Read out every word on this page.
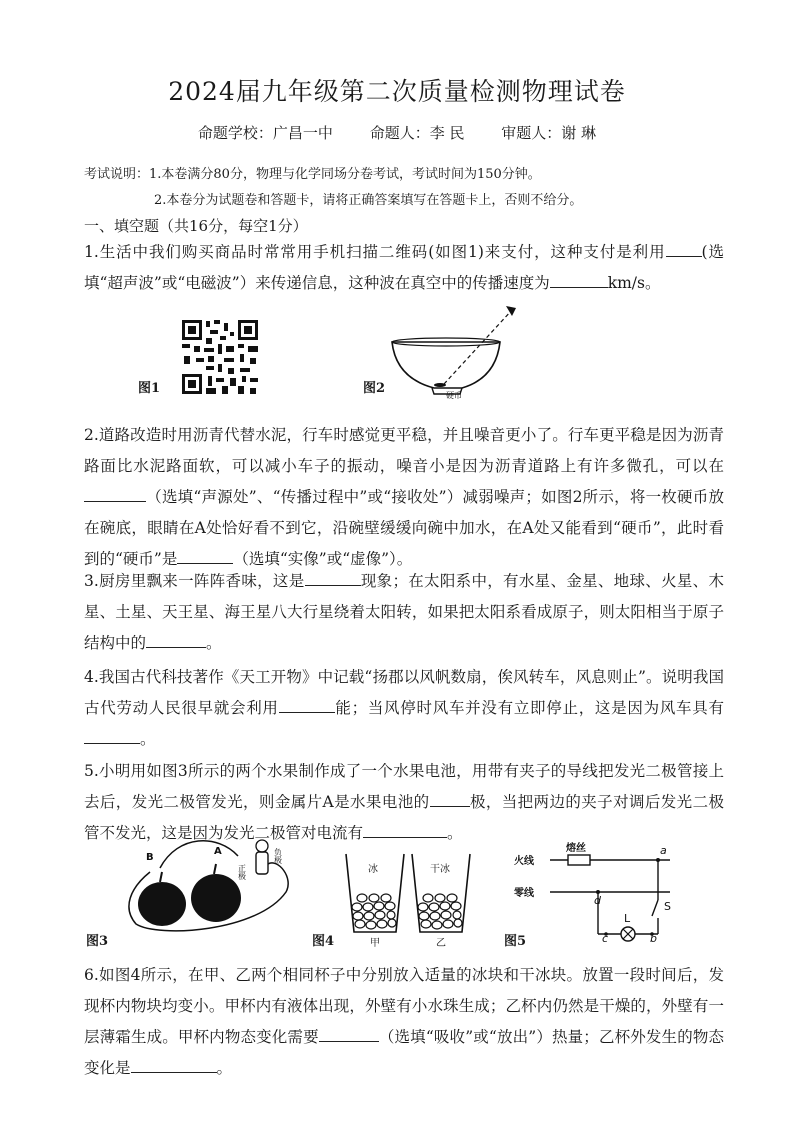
2024届九年级第二次质量检测物理试卷
命题学校：广昌一中 命题人：李 民 审题人：谢 琳
考试说明：1.本卷满分80分，物理与化学同场分卷考试，考试时间为150分钟。
2.本卷分为试题卷和答题卡，请将正确答案填写在答题卡上，否则不给分。
一、填空题（共16分，每空1分）
1.生活中我们购买商品时常常用手机扫描二维码(如图1)来支付，这种支付是利用 (选填“超声波”或“电磁波”）来传递信息，这种波在真空中的传播速度为	km/s。
图1	图2	硬币
2.道路改造时用沥青代替水泥，行车时感觉更平稳，并且噪音更小了。行车更平稳是因为沥青路面比水泥路面软，可以减小车子的振动，噪音小是因为沥青道路上有许多微孔，可以在（选填“声源处”、“传播过程中”或“接收处”）减弱噪声；如图2所示，将一枚硬币放在碗底，眼睛在A处恰好看不到它，沿碗壁缓缓向碗中加水，在A处又能看到“硬币”，此时看到的“硬币”是	（选填“实像”或“虚像”）。
3.厨房里飘来一阵阵香味，这是	现象；在太阳系中，有水星、金星、地球、火星、木星、土星、天王星、海王星八大行星绕着太阳转，如果把太阳系看成原子，则太阳相当于原子结构中的	。
4.我国古代科技著作《天工开物》中记载“扬郡以风帆数扇，俟风转车，风息则止”。说明我国古代劳动人民很早就会利用	能；当风停时风车并没有立即停止，这是因为风车具有。
5.小明用如图3所示的两个水果制作成了一个水果电池，用带有夹子的导线把发光二极管接上去后，发光二极管发光，则金属片A是水果电池的	极，当把两边的夹子对调后发光二极管不发光，这是因为发光二极管对电流有	。
图3
B
A
正极
负极
图4
冰	干冰
甲	乙	图5
火线
熔丝
零线
a
d	S
L
c	b
6.如图4所示，在甲、乙两个相同杯子中分别放入适量的冰块和干冰块。放置一段时间后，发现杯内物块均变小。甲杯内有液体出现，外壁有小水珠生成；乙杯内仍然是干燥的，外壁有一层薄霜生成。甲杯内物态变化需要	（选填“吸收”或“放出”）热量；乙杯外发生的物态变化是	。
